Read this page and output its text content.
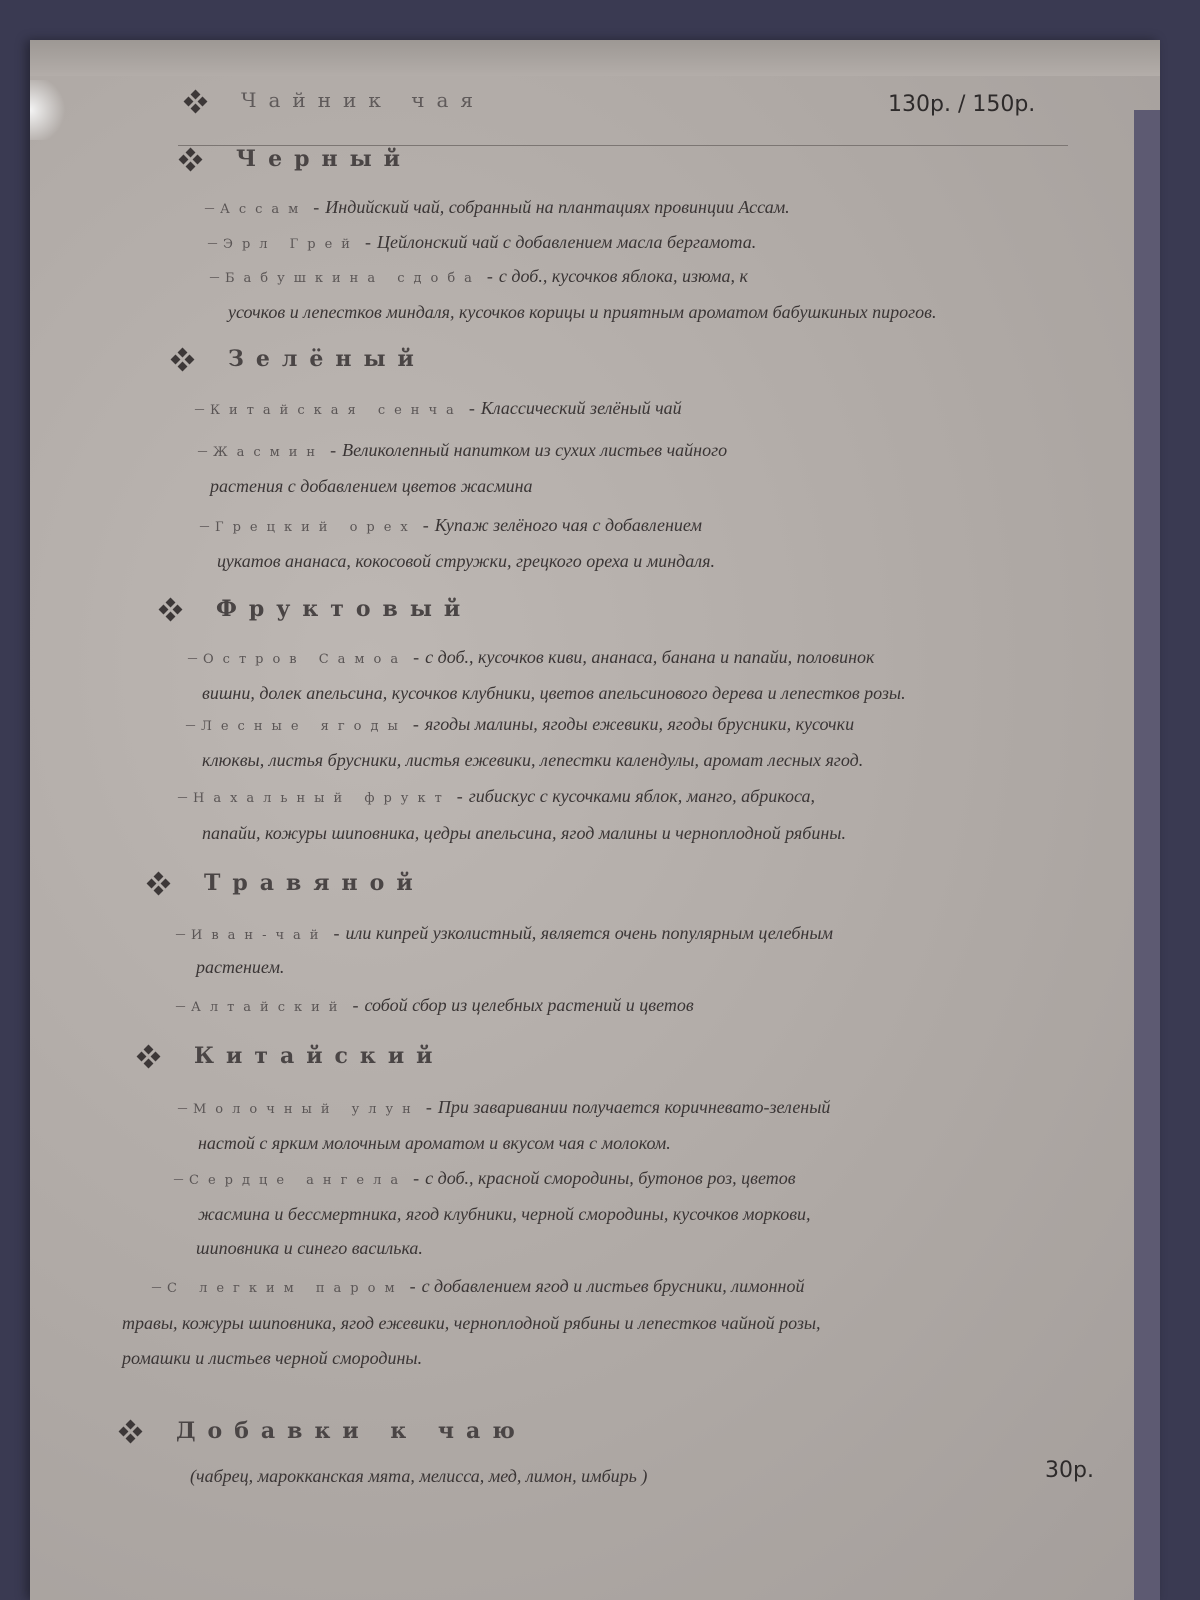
Чайник чая	130р. / 150р.
Черный
– Ассам - Индийский чай, собранный на плантациях провинции Ассам.
– Эрл Грей - Цейлонский чай с добавлением масла бергамота.
– Бабушкина сдоба - с доб., кусочков яблока, изюма, к
усочков и лепестков миндаля, кусочков корицы и приятным ароматом бабушкиных пирогов.
Зелёный
– Китайская сенча - Классический зелёный чай
– Жасмин - Великолепный напитком из сухих листьев чайного
растения с добавлением цветов жасмина
– Грецкий орех - Купаж зелёного чая с добавлением
цукатов ананаса, кокосовой стружки, грецкого ореха и миндаля.
Фруктовый
– Остров Самоа - с доб., кусочков киви, ананаса, банана и папайи, половинок
вишни, долек апельсина, кусочков клубники, цветов апельсинового дерева и лепестков розы.
– Лесные ягоды - ягоды малины, ягоды ежевики, ягоды брусники, кусочки
клюквы, листья брусники, листья ежевики, лепестки календулы, аромат лесных ягод.
– Нахальный фрукт - гибискус с кусочками яблок, манго, абрикоса,
папайи, кожуры шиповника, цедры апельсина, ягод малины и черноплодной рябины.
Травяной
– Иван-чай - или кипрей узколистный, является очень популярным целебным
растением.
– Алтайский - собой сбор из целебных растений и цветов
Китайский
– Молочный улун - При заваривании получается коричневато-зеленый
настой с ярким молочным ароматом и вкусом чая с молоком.
– Сердце ангела - с доб., красной смородины, бутонов роз, цветов
жасмина и бессмертника, ягод клубники, черной смородины, кусочков моркови,
шиповника и синего василька.
– С легким паром - с добавлением ягод и листьев брусники, лимонной
травы, кожуры шиповника, ягод ежевики, черноплодной рябины и лепестков чайной розы,
ромашки и листьев черной смородины.
Добавки к чаю
30р.
(чабрец, марокканская мята, мелисса, мед, лимон, имбирь )
